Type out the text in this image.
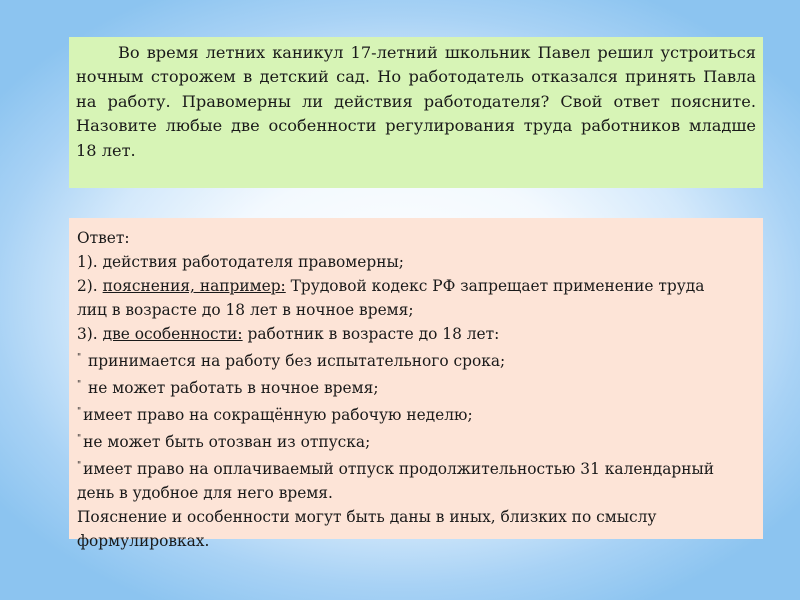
Во время летних каникул 17-летний школьник Павел решил устроиться ночным сторожем в детский сад. Но работодатель отказался принять Павла на работу. Правомерны ли действия работодателя? Свой ответ поясните. Назовите любые две особенности регулирования труда работников младше 18 лет.
Ответ:
1). действия работодателя правомерны;
2). пояснения, например: Трудовой кодекс РФ запрещает применение труда
лиц в возрасте до 18 лет в ночное время;
3). две особенности: работник в возрасте до 18 лет:
" принимается на работу без испытательного срока;
" не может работать в ночное время;
" имеет право на сокращённую рабочую неделю;
" не может быть отозван из отпуска;
" имеет право на оплачиваемый отпуск продолжительностью 31 календарный
день в удобное для него время.
Пояснение и особенности могут быть даны в иных, близких по смыслу
формулировках.
